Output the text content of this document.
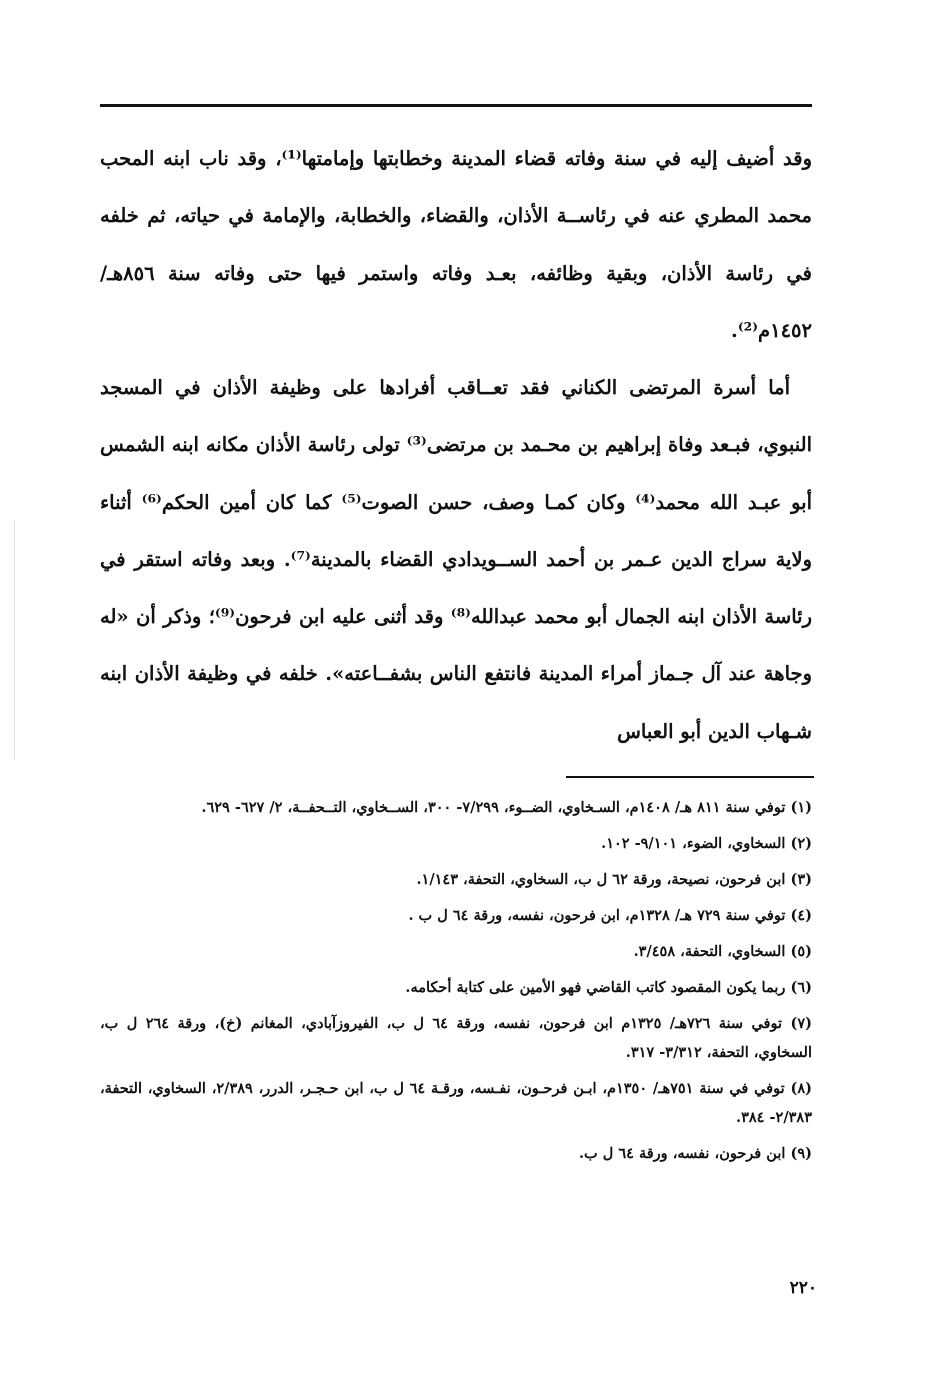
وقد أضيف إليه في سنة وفاته قضاء المدينة وخطابتها وإمامتها⁽¹⁾، وقد ناب ابنه المحب محمد المطري عنه في رئاســة الأذان، والقضاء، والخطابة، والإمامة في حياته، ثم خلفه في رئاسة الأذان، وبقية وظائفه، بعـد وفاته واستمر فيها حتى وفاته سنة ٨٥٦هـ/ ١٤٥٢م⁽²⁾.

أما أسرة المرتضى الكناني فقد تعــاقب أفرادها على وظيفة الأذان في المسجد النبوي، فبـعد وفاة إبراهيم بن محـمد بن مرتضى⁽³⁾ تولى رئاسة الأذان مكانه ابنه الشمس أبو عبـد الله محمد⁽⁴⁾ وكان كمـا وصف، حسن الصوت⁽⁵⁾ كما كان أمين الحكم⁽⁶⁾ أثناء ولاية سراج الدين عـمر بن أحمد الســويدادي القضاء بالمدينة⁽⁷⁾. وبعد وفاته استقر في رئاسة الأذان ابنه الجمال أبو محمد عبدالله⁽⁸⁾ وقد أثنى عليه ابن فرحون⁽⁹⁾؛ وذكر أن «له وجاهة عند آل جـماز أمراء المدينة فانتفع الناس بشفــاعته». خلفه في وظيفة الأذان ابنه شـهاب الدين أبو العباس

(١) توفي سنة ٨١١ هـ/ ١٤٠٨م، السـخاوي، الضــوء، ٧/٢٩٩- ٣٠٠، الســخاوي، التــحفــة، ٢/ ٦٢٧- ٦٢٩.
(٢) السخاوي، الضوء، ٩/١٠١- ١٠٢.
(٣) ابن فرحون، نصيحة، ورقة ٦٢ ل ب، السخاوي، التحفة، ١/١٤٣.
(٤) توفي سنة ٧٢٩ هـ/ ١٣٢٨م، ابن فرحون، نفسه، ورقة ٦٤ ل ب .
(٥) السخاوي، التحفة، ٣/٤٥٨.
(٦) ربما يكون المقصود كاتب القاضي فهو الأمين على كتابة أحكامه.
(٧) توفي سنة ٧٢٦هـ/ ١٣٢٥م ابن فرحون، نفسه، ورقة ٦٤ ل ب، الفيروزآبادي، المغانم (خ)، ورقة ٢٦٤ ل ب، السخاوي، التحفة، ٣/٣١٢- ٣١٧.
(٨) توفي في سنة ٧٥١هـ/ ١٣٥٠م، ابـن فرحـون، نفـسه، ورقـة ٦٤ ل ب، ابن حـجـر، الدرر، ٢/٣٨٩، السخاوي، التحفة، ٢/٣٨٣- ٣٨٤.
(٩) ابن فرحون، نفسه، ورقة ٦٤ ل ب.
٢٢٠
